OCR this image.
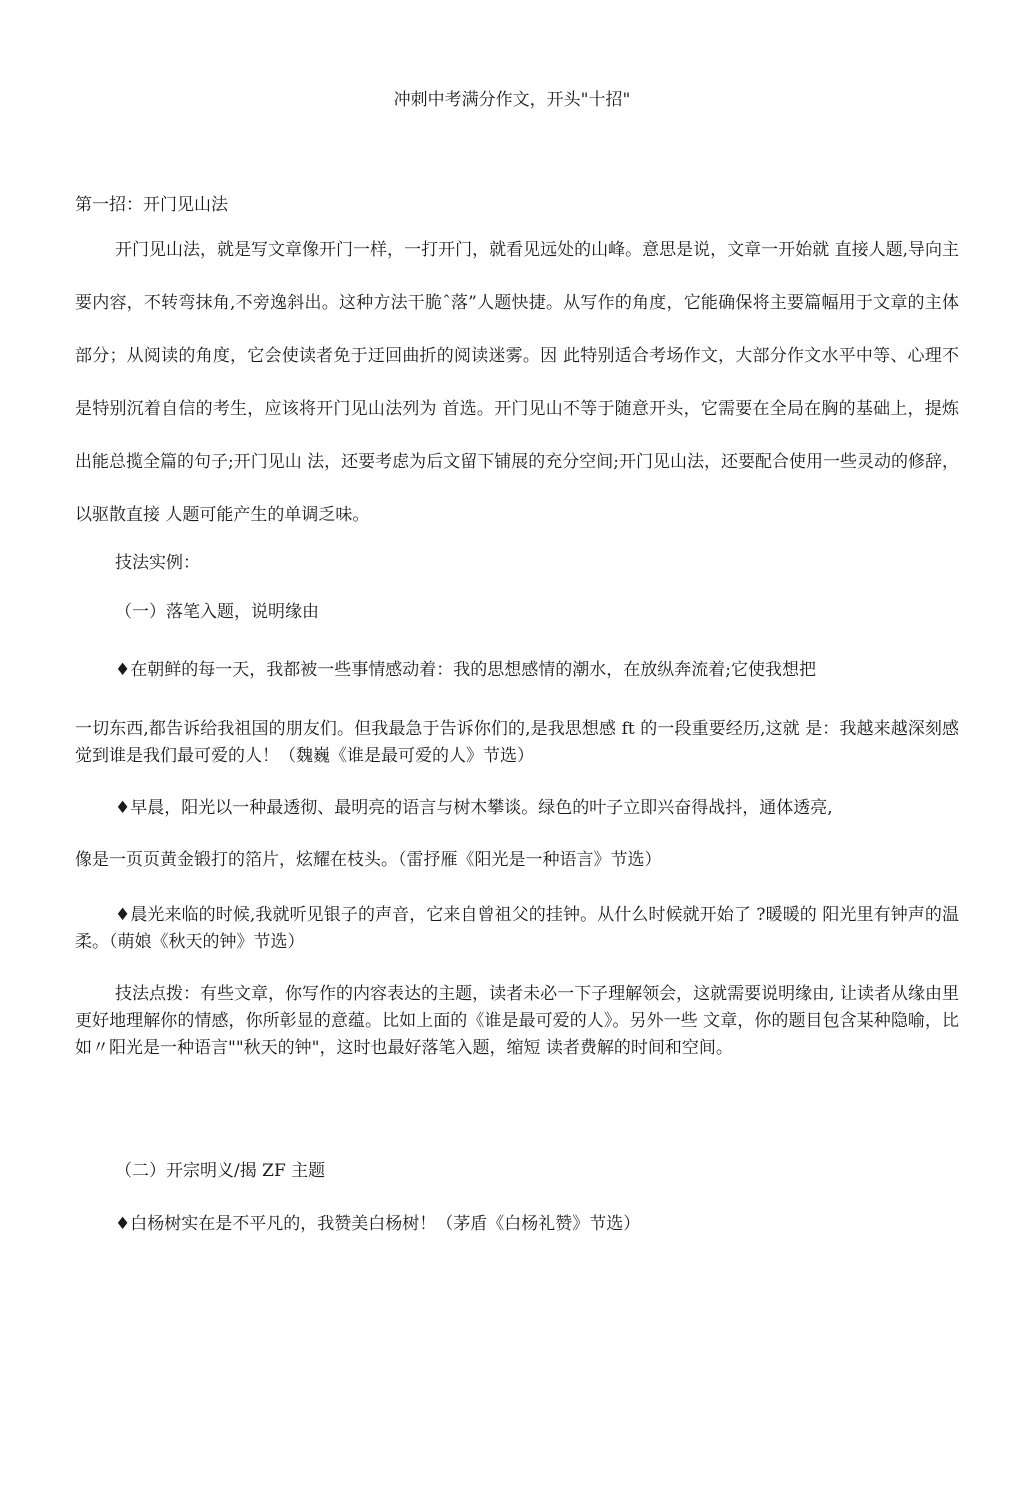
冲刺中考满分作文，开头"十招"
第一招：开门见山法
开门见山法，就是写文章像开门一样，一打开门，就看见远处的山峰。意思是说，文章一开始就 直接人题,导向主要内容，不转弯抹角,不旁逸斜出。这种方法干脆ˆ落”人题快捷。从写作的角度，它能确保将主要篇幅用于文章的主体部分；从阅读的角度，它会使读者免于迂回曲折的阅读迷雾。因 此特别适合考场作文，大部分作文水平中等、心理不是特别沉着自信的考生，应该将开门见山法列为 首选。开门见山不等于随意开头，它需要在全局在胸的基础上，提炼出能总揽全篇的句子;开门见山 法，还要考虑为后文留下铺展的充分空间;开门见山法，还要配合使用一些灵动的修辞，以驱散直接 人题可能产生的单调乏味。
技法实例：
（一）落笔入题，说明缘由
♦在朝鲜的每一天，我都被一些事情感动着：我的思想感情的潮水，在放纵奔流着;它使我想把
一切东西,都告诉给我祖国的朋友们。但我最急于告诉你们的,是我思想感 ft 的一段重要经历,这就 是：我越来越深刻感觉到谁是我们最可爱的人！（魏巍《谁是最可爱的人》节选）
♦早晨，阳光以一种最透彻、最明亮的语言与树木攀谈。绿色的叶子立即兴奋得战抖，通体透亮,
像是一页页黄金锻打的箔片，炫耀在枝头。（雷抒雁《阳光是一种语言》节选）
♦晨光来临的时候,我就听见银子的声音，它来自曾祖父的挂钟。从什么时候就开始了 ?暖暖的 阳光里有钟声的温柔。（萌娘《秋天的钟》节选）
技法点拨：有些文章，你写作的内容表达的主题，读者未必一下子理解领会，这就需要说明缘由, 让读者从缘由里更好地理解你的情感，你所彰显的意蕴。比如上面的《谁是最可爱的人》。另外一些 文章，你的题目包含某种隐喻，比如〃阳光是一种语言""秋天的钟"，这时也最好落笔入题，缩短 读者费解的时间和空间。
（二）开宗明义/揭 ZF 主题
♦白杨树实在是不平凡的，我赞美白杨树！（茅盾《白杨礼赞》节选）
